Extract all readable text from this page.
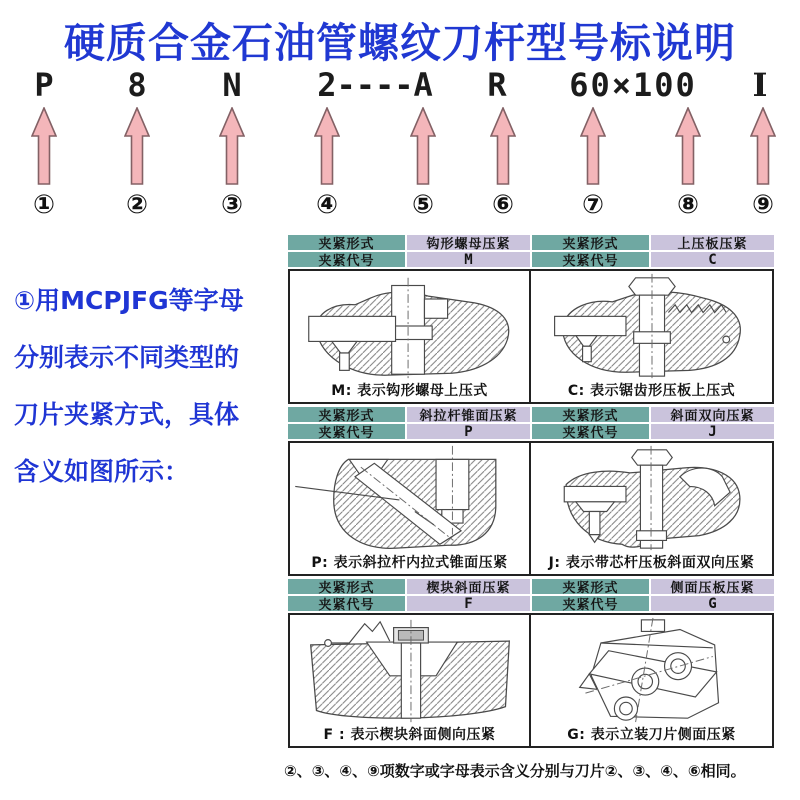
硬质合金石油管螺纹刀杆型号标说明
P	8	N	2----A	R	60×100	I
①	②	③	④	⑤ ⑥	⑦	⑧ ⑨
①用MCPJFG等字母
分别表示不同类型的
刀片夹紧方式，具体
含义如图所示：
夹紧形式	钩形螺母压紧	夹紧形式	上压板压紧
夹紧代号	M	夹紧代号	C
M: 表示钩形螺母上压式	C: 表示锯齿形压板上压式
夹紧形式	斜拉杆锥面压紧	夹紧形式	斜面双向压紧
夹紧代号	P	夹紧代号	J
P: 表示斜拉杆内拉式锥面压紧	J: 表示带芯杆压板斜面双向压紧
夹紧形式	楔块斜面压紧	夹紧形式	侧面压板压紧
夹紧代号	F	夹紧代号	G
F : 表示楔块斜面侧向压紧	G: 表示立装刀片侧面压紧
②、③、④、⑨项数字或字母表示含义分别与刀片②、③、④、⑥相同。
